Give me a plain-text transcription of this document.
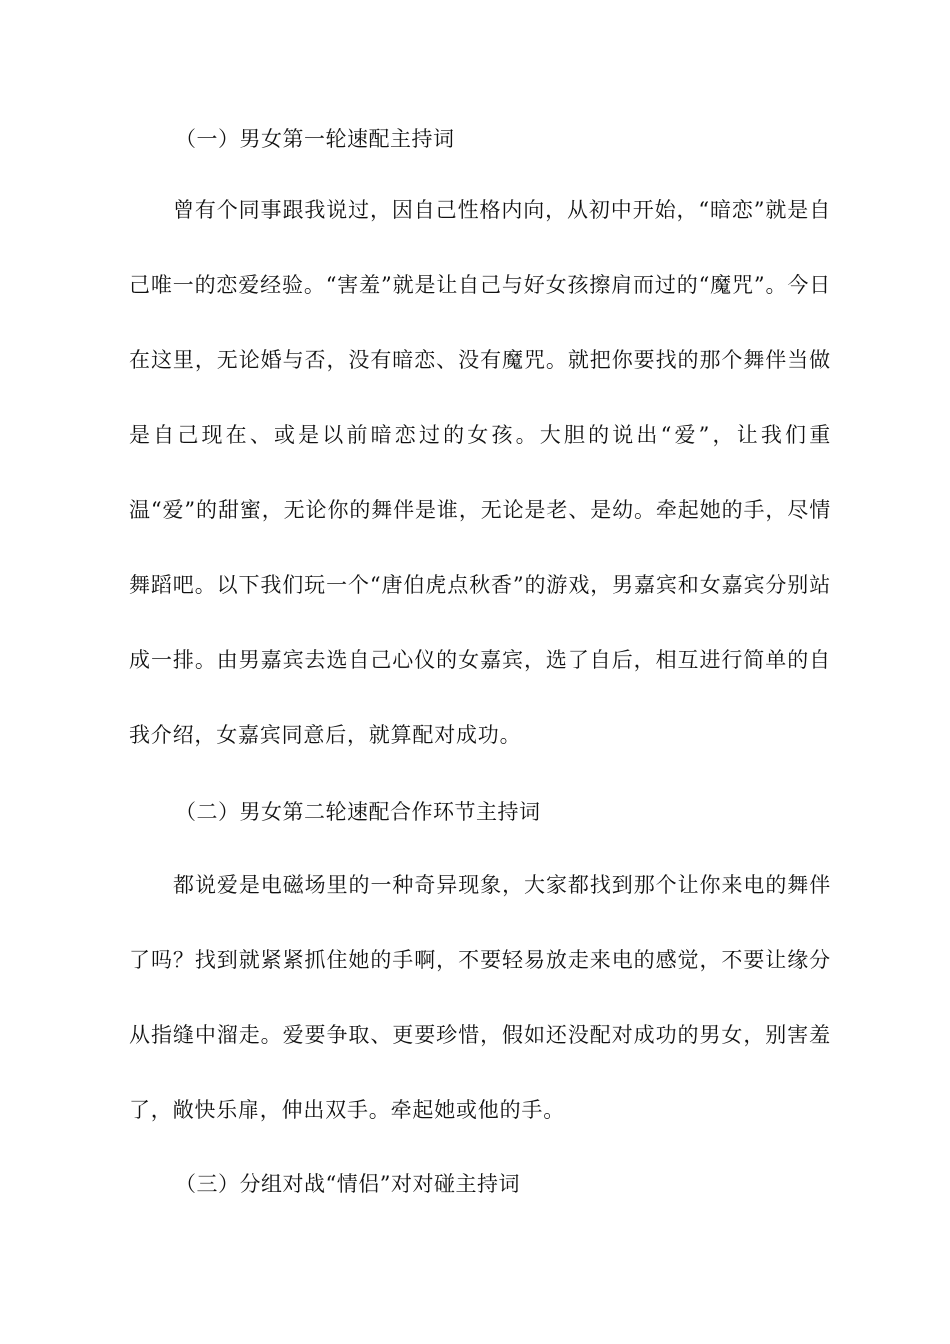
（一）男女第一轮速配主持词

曾有个同事跟我说过，因自己性格内向，从初中开始，“暗恋”就是自己唯一的恋爱经验。“害羞”就是让自己与好女孩擦肩而过的“魔咒”。今日在这里，无论婚与否，没有暗恋、没有魔咒。就把你要找的那个舞伴当做是自己现在、或是以前暗恋过的女孩。大胆的说出“爱”，让我们重温“爱”的甜蜜，无论你的舞伴是谁，无论是老、是幼。牵起她的手，尽情舞蹈吧。以下我们玩一个“唐伯虎点秋香”的游戏，男嘉宾和女嘉宾分别站成一排。由男嘉宾去选自己心仪的女嘉宾，选了自后，相互进行简单的自我介绍，女嘉宾同意后，就算配对成功。

（二）男女第二轮速配合作环节主持词

都说爱是电磁场里的一种奇异现象，大家都找到那个让你来电的舞伴了吗？找到就紧紧抓住她的手啊，不要轻易放走来电的感觉，不要让缘分从指缝中溜走。爱要争取、更要珍惜，假如还没配对成功的男女，别害羞了，敞快乐扉，伸出双手。牵起她或他的手。

（三）分组对战“情侣”对对碰主持词
